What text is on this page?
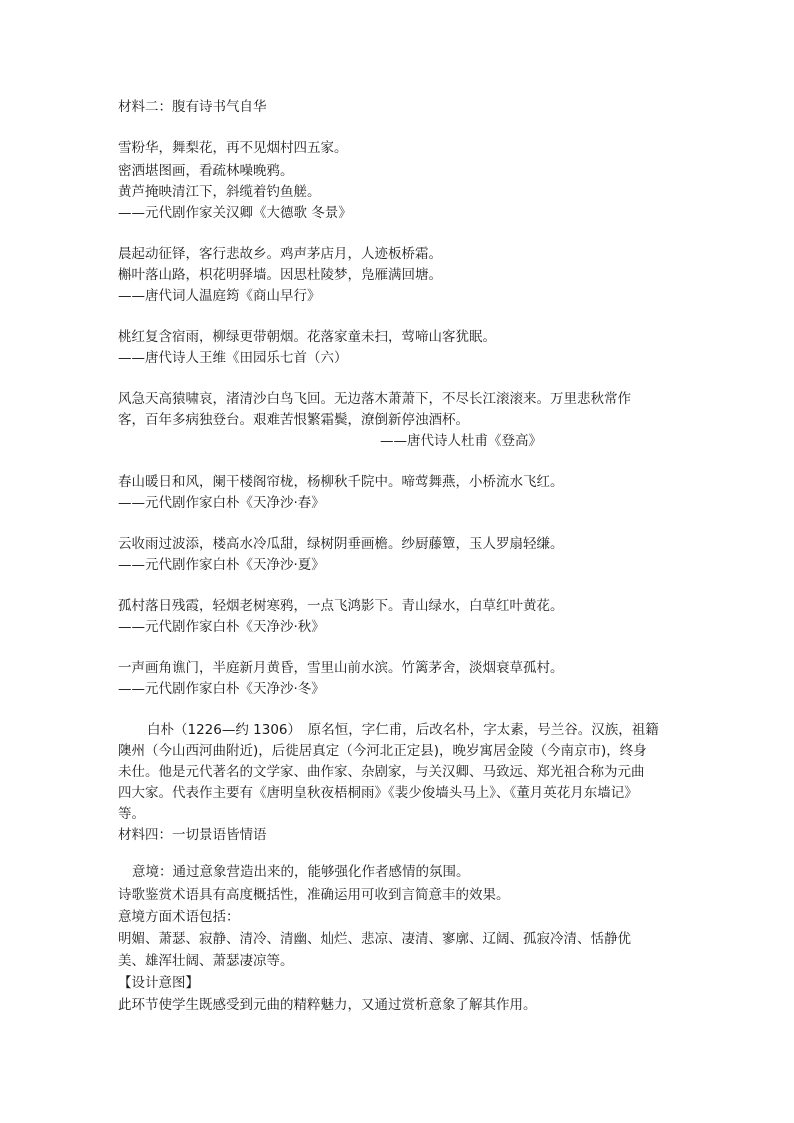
材料二：腹有诗书气自华
雪粉华，舞梨花，再不见烟村四五家。
密洒堪图画，看疏林噪晚鸦。
黄芦掩映清江下，斜缆着钓鱼艖。
——元代剧作家关汉卿《大德歌 冬景》
晨起动征铎，客行悲故乡。鸡声茅店月，人迹板桥霜。
槲叶落山路，枳花明驿墙。因思杜陵梦，凫雁满回塘。
——唐代词人温庭筠《商山早行》
桃红复含宿雨，柳绿更带朝烟。花落家童未扫，莺啼山客犹眠。
——唐代诗人王维《田园乐七首（六）
风急天高猿啸哀，渚清沙白鸟飞回。无边落木萧萧下，不尽长江滚滚来。万里悲秋常作
客，百年多病独登台。艰难苦恨繁霜鬓，潦倒新停浊酒杯。
——唐代诗人杜甫《登高》
春山暖日和风，阑干楼阁帘栊，杨柳秋千院中。啼莺舞燕，小桥流水飞红。
——元代剧作家白朴《天净沙·春》
云收雨过波添，楼高水冷瓜甜，绿树阴垂画檐。纱厨藤簟，玉人罗扇轻缣。
——元代剧作家白朴《天净沙·夏》
孤村落日残霞，轻烟老树寒鸦，一点飞鸿影下。青山绿水，白草红叶黄花。
——元代剧作家白朴《天净沙·秋》
一声画角谯门，半庭新月黄昏，雪里山前水滨。竹篱茅舍，淡烟衰草孤村。
——元代剧作家白朴《天净沙·冬》
白朴（1226—约 1306）　原名恒，字仁甫，后改名朴，字太素，号兰谷。汉族，祖籍
隩州（今山西河曲附近)，后徙居真定（今河北正定县)，晚岁寓居金陵（今南京市)，终身
未仕。他是元代著名的文学家、曲作家、杂剧家，与关汉卿、马致远、郑光祖合称为元曲
四大家。代表作主要有《唐明皇秋夜梧桐雨》《裴少俊墙头马上》、《董月英花月东墙记》
等。
材料四：一切景语皆情语
意境：通过意象营造出来的，能够强化作者感情的氛围。
诗歌鉴赏术语具有高度概括性，准确运用可收到言简意丰的效果。
意境方面术语包括：
明媚、萧瑟、寂静、清冷、清幽、灿烂、悲凉、凄清、寥廓、辽阔、孤寂冷清、恬静优
美、雄浑壮阔、萧瑟凄凉等。
【设计意图】
此环节使学生既感受到元曲的精粹魅力，又通过赏析意象了解其作用。
